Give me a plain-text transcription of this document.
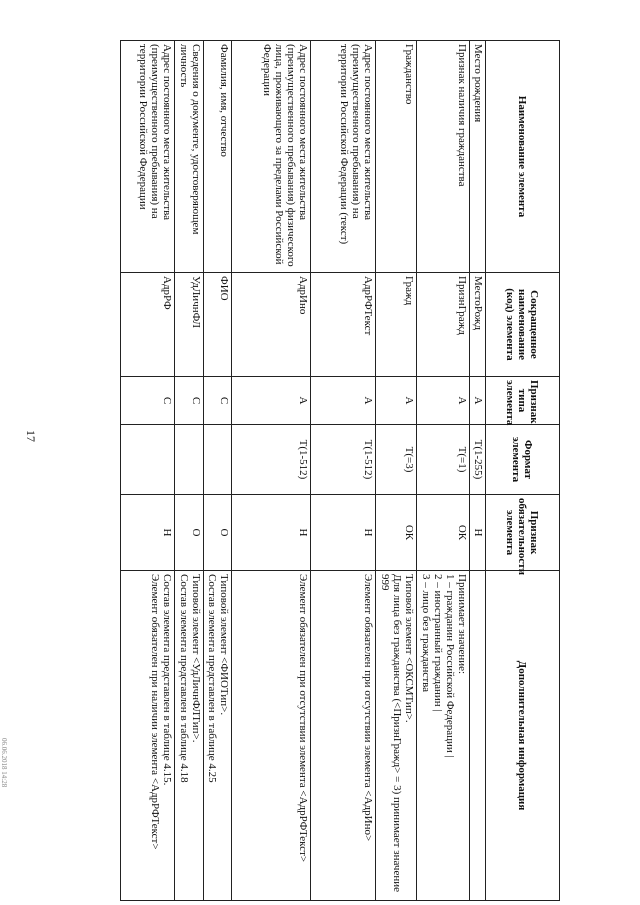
17
06.06.2018 14:28
Наименование элемента	Сокращенное наименование (код) элемента	Признак типа элемента	Формат элемента	Признак обязательности элемента	Дополнительная информация
Место рождения	МестоРожд	А	Т(1-255)	Н	

Признак наличия гражданства	ПризнГражд	А	Т(=1)	ОК	Принимает значение:
1 – гражданин Российской Федерации |
2 – иностранный гражданин |
3 – лицо без гражданства

Гражданство	Гражд	А	Т(=3)	ОК	Типовой элемент <ОКСМТип>.
Для лица без гражданства (<ПризнГражд> = 3) принимает значение 999

Адрес постоянного места жительства (преимущественного пребывания) на территории Российской Федерации (текст)	АдрРФТекст	А	Т(1-512)	Н	Элемент обязателен при отсутствии элемента <АдрИно>

Адрес постоянного места жительства (преимущественного пребывания) физического лица, проживающего за пределами Российской Федерации	АдрИно	А	Т(1-512)	Н	Элемент обязателен при отсутствии элемента <АдрРФТекст>

Фамилия, имя, отчество	ФИО	С		О	Типовой элемент <ФИОТип>.
Состав элемента представлен в таблице 4.25

Сведения о документе, удостоверяющем личность	УдЛичнФЛ	С		О	Типовой элемент <УдЛичнФЛТип>.
Состав элемента представлен в таблице 4.18

Адрес постоянного места жительства (преимущественного пребывания) на территории Российской Федерации	АдрРФ	С		Н	Состав элемента представлен в таблице 4.15.
Элемент обязателен при наличии элемента <АдрРФТекст>
